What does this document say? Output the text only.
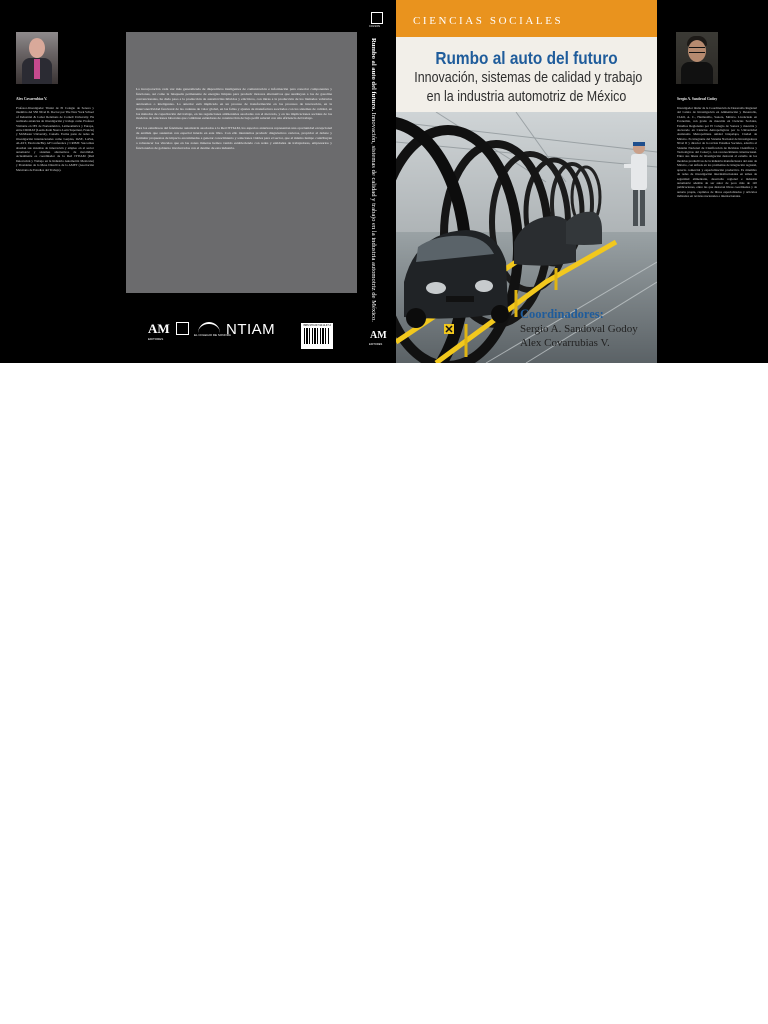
Alex Covarrubias V.

Profesor-Investigador Titular de El Colegio de Sonora y miembro del SNI Nivel II. Doctor por The New York School of Industrial & Labor Relations de Cornell University. Ha realizado estancias de investigación y trabajo como Profesor Visitante en IES de Norteamérica, Latinoamérica y Europa, entre CRIMAT (Leeds-Koln Nuevo León Superieur, Francia) y McMaster University, Canadá. Forma parte de redes de investigación internacionales como Gerpisa, IASE, LASA, ALAST, ElectronicBay AP Conference y CRIMT. Sus temas abordan sus sistemas de innovación y empleo en el sector automotriz y sistemas alternativos de movilidad. Actualmente es coordinador de la Red ITTIAM (Red Innovación y Trabajo en la Industria Automotriz Mexicana) y Presidente de la Mesa Directiva de la AMET (Asociación Mexicana de Estudios del Trabajo).

La incorporación cada vez más generalizada de dispositivos inteligentes de comunicación e información para conectar componentes y funciones, así como la búsqueda permanente de energías limpias para producir motores alternativos que sustituyan a los de gasolina convencionales, ha dado paso a la producción de automóviles híbridos y eléctricos, con miras a la producción de los llamados vehículos autónomos o inteligentes. Lo anterior está implicado en un proceso de transformación en los procesos de innovación, en la interconectividad funcional de las cadenas de valor global, en las fallas y ajustes de manufactura asociados con los sistemas de calidad, en los métodos de capacitación del trabajo, en las regulaciones ambientales asociadas con el mercado, y en las implicaciones sociales de los modelos de relaciones laborales que combinan estándares de construcción de bajo perfil salarial con alta eficiencia del trabajo.

Para los estudiosos del fenómeno automotriz asociados a la Red ITTIAM, los aspectos anteriores representan una oportunidad excepcional de análisis que sustentan con especial interés en este libro. Con ello intentamos producir diagnósticos certeros, propiciar el debate y formular propuestas de impacto encaminadas a generar conocimiento y soluciones viables para el sector, que al mismo tiempo contribuyan a robustecer los vínculos que en las zonas mineras hemos venido estableciendo con redes y entidades de trabajadores, empresarios y funcionarios de gobierno involucrados con el destino de esta industria.

AM
EDITORES
EL COLEGIO DE SONORA
NTIAM	ISBN 978-607-9412-97-4
COLSON
Rumbo al auto del futuro. Innovación, sistemas de calidad y trabajo en la industria automotriz de México.
AM
EDITORES
CIENCIAS SOCIALES
Rumbo al auto del futuro
Innovación, sistemas de calidad y trabajo
en la industria automotriz de México
Coordinadores:
Sergio A. Sandoval Godoy
Alex Covarrubias V.

Sergio A. Sandoval Godoy

Investigador titular de la Coordinación de Desarrollo Regional del Centro de Investigación en Alimentación y Desarrollo, CIAD, A. C., Hermosillo, Sonora, México. Licenciado en Economía, con grado de maestría en Ciencias Sociales, Estudios Regionales por El Colegio de Sonora y maestría y doctorado en Ciencias Antropológicas por la Universidad Autónoma Metropolitana unidad Iztapalapa, Ciudad de México. Es integrante del Sistema Nacional de Investigadores Nivel II y director de la revista Estudios Sociales, adscrita al Sistema Nacional de Clasificación de Revistas Científicas y Tecnológicas del Conacyt, con reconocimiento internacional. Entre sus líneas de investigación destacan el estudio de los modelos productivos de la industria manufacturera del auto de México, con énfasis en los problemas de integración regional, aprecio comercial y especialización productiva. Es miembro de redes de investigación interinstitucionales en temas de seguridad alimentaria, desarrollo regional e industria automotriz además de ser autor de poco más de 120 publicaciones, entre las que destacan libros coordinados y de autoría propia, capítulos de libros especializados y artículos indizados en revistas nacionales e internacionales.
